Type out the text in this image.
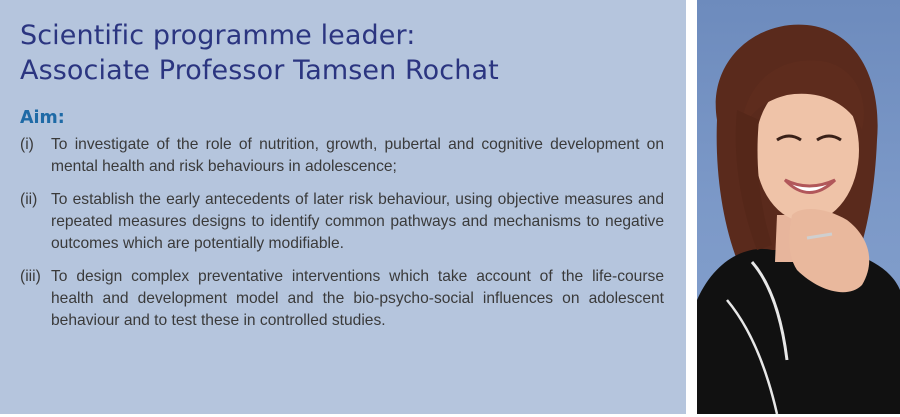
Scientific programme leader:
Associate Professor Tamsen Rochat
Aim:
(i) To investigate of the role of nutrition, growth, pubertal and cognitive development on mental health and risk behaviours in adolescence;
(ii) To establish the early antecedents of later risk behaviour, using objective measures and repeated measures designs to identify common pathways and mechanisms to negative outcomes which are potentially modifiable.
(iii) To design complex preventative interventions which take account of the life-course health and development model and the bio-psycho-social influences on adolescent behaviour and to test these in controlled studies.
